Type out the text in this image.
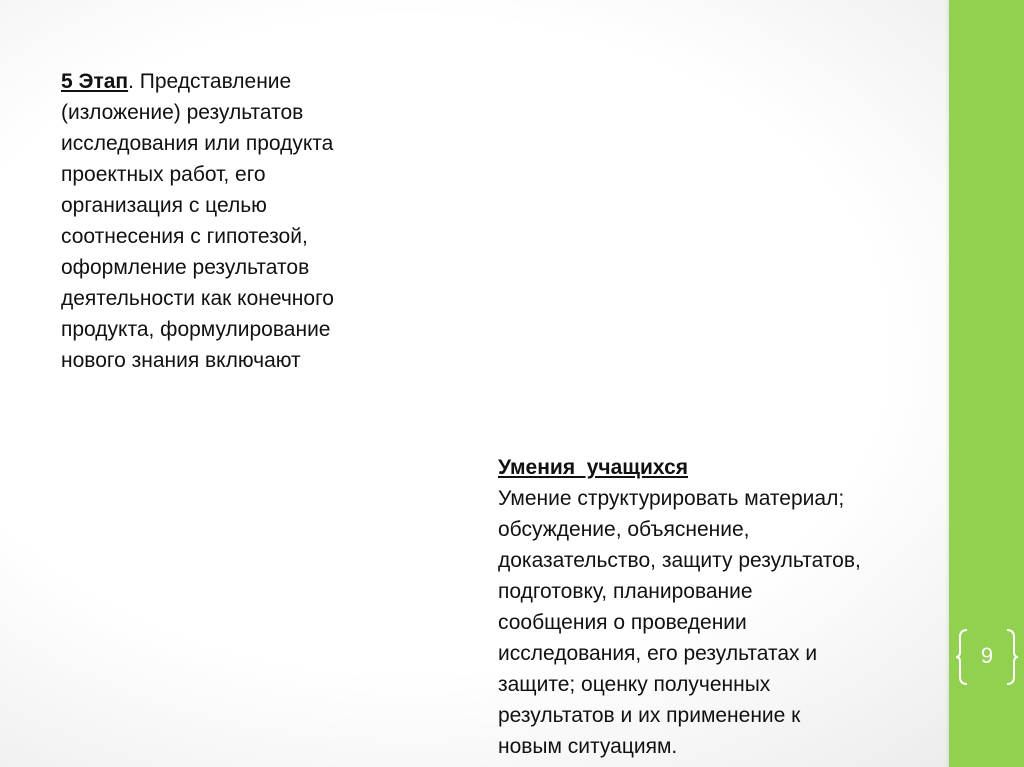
9
5 Этап. Представление
(изложение) результатов
исследования или продукта
проектных работ, его
организация с целью
соотнесения с гипотезой,
оформление результатов
деятельности как конечного
продукта, формулирование
нового знания включают
Умения  учащихся
Умение структурировать материал;
обсуждение, объяснение,
доказательство, защиту результатов,
подготовку, планирование
сообщения о проведении
исследования, его результатах и
защите; оценку полученных
результатов и их применение к
новым ситуациям.
